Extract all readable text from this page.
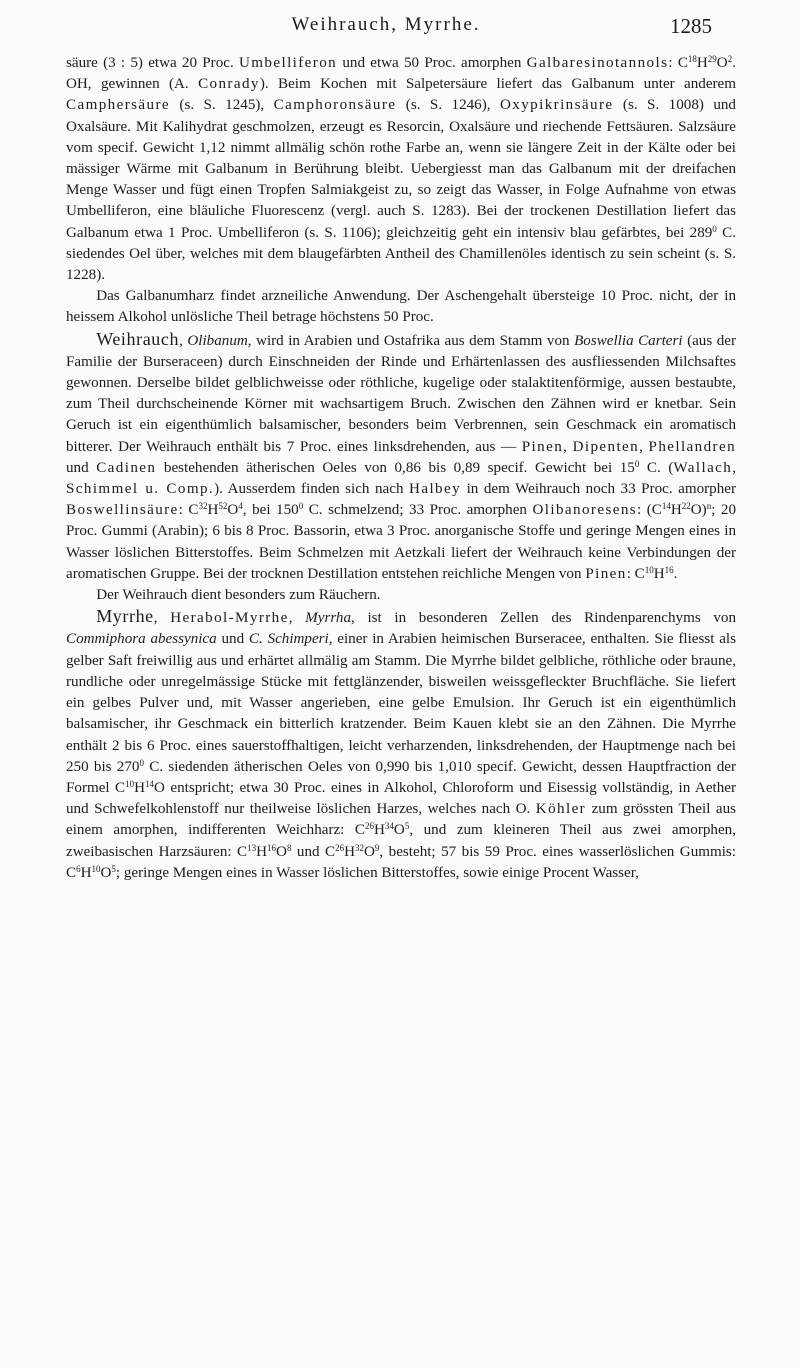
Weihrauch, Myrrhe.	1285

säure (3 : 5) etwa 20 Proc. Umbelliferon und etwa 50 Proc. amorphen Galbaresinotannols: $C^{18}H^{29}O^2$. OH, gewinnen (A. Conrady). Beim Kochen mit Salpetersäure liefert das Galbanum unter anderem Camphersäure (s. S. 1245), Camphoronsäure (s. S. 1246), Oxypikrinsäure (s. S. 1008) und Oxalsäure. Mit Kalihydrat geschmolzen, erzeugt es Resorcin, Oxalsäure und riechende Fettsäuren. Salzsäure vom specif. Gewicht 1,12 nimmt allmälig schön rothe Farbe an, wenn sie längere Zeit in der Kälte oder bei mässiger Wärme mit Galbanum in Berührung bleibt. Uebergiesst man das Galbanum mit der dreifachen Menge Wasser und fügt einen Tropfen Salmiakgeist zu, so zeigt das Wasser, in Folge Aufnahme von etwas Umbelliferon, eine bläuliche Fluorescenz (vergl. auch S. 1283). Bei der trockenen Destillation liefert das Galbanum etwa 1 Proc. Umbelliferon (s. S. 1106); gleichzeitig geht ein intensiv blau gefärbtes, bei $289^0$ C. siedendes Oel über, welches mit dem blaugefärbten Antheil des Chamillenöles identisch zu sein scheint (s. S. 1228).

Das Galbanumharz findet arzneiliche Anwendung. Der Aschengehalt übersteige 10 Proc. nicht, der in heissem Alkohol unlösliche Theil betrage höchstens 50 Proc.

Weihrauch, Olibanum, wird in Arabien und Ostafrika aus dem Stamm von Boswellia Carteri (aus der Familie der Burseraceen) durch Einschneiden der Rinde und Erhärtenlassen des ausfliessenden Milchsaftes gewonnen. Derselbe bildet gelblichweisse oder röthliche, kugelige oder stalaktitenförmige, aussen bestaubte, zum Theil durchscheinende Körner mit wachsartigem Bruch. Zwischen den Zähnen wird er knetbar. Sein Geruch ist ein eigenthümlich balsamischer, besonders beim Verbrennen, sein Geschmack ein aromatisch bitterer. Der Weihrauch enthält bis 7 Proc. eines linksdrehenden, aus — Pinen, Dipenten, Phellandren und Cadinen bestehenden ätherischen Oeles von 0,86 bis 0,89 specif. Gewicht bei $15^0$ C. (Wallach, Schimmel u. Comp.). Ausserdem finden sich nach Halbey in dem Weihrauch noch 33 Proc. amorpher Boswellinsäure: $C^{32}H^{52}O^4$, bei $150^0$ C. schmelzend; 33 Proc. amorphen Olibanoresens: $(C^{14}H^{22}O)^n$; 20 Proc. Gummi (Arabin); 6 bis 8 Proc. Bassorin, etwa 3 Proc. anorganische Stoffe und geringe Mengen eines in Wasser löslichen Bitterstoffes. Beim Schmelzen mit Aetzkali liefert der Weihrauch keine Verbindungen der aromatischen Gruppe. Bei der trocknen Destillation entstehen reichliche Mengen von Pinen: $C^{10}H^{16}$.

Der Weihrauch dient besonders zum Räuchern.

Myrrhe, Herabol-Myrrhe, Myrrha, ist in besonderen Zellen des Rindenparenchyms von Commiphora abessynica und C. Schimperi, einer in Arabien heimischen Burseracee, enthalten. Sie fliesst als gelber Saft freiwillig aus und erhärtet allmälig am Stamm. Die Myrrhe bildet gelbliche, röthliche oder braune, rundliche oder unregelmässige Stücke mit fettglänzender, bisweilen weissgefleckter Bruchfläche. Sie liefert ein gelbes Pulver und, mit Wasser angerieben, eine gelbe Emulsion. Ihr Geruch ist ein eigenthümlich balsamischer, ihr Geschmack ein bitterlich kratzender. Beim Kauen klebt sie an den Zähnen. Die Myrrhe enthält 2 bis 6 Proc. eines sauerstoffhaltigen, leicht verharzenden, linksdrehenden, der Hauptmenge nach bei 250 bis $270^0$ C. siedenden ätherischen Oeles von 0,990 bis 1,010 specif. Gewicht, dessen Hauptfraction der Formel $C^{10}H^{14}O$ entspricht; etwa 30 Proc. eines in Alkohol, Chloroform und Eisessig vollständig, in Aether und Schwefelkohlenstoff nur theilweise löslichen Harzes, welches nach O. Köhler zum grössten Theil aus einem amorphen, indifferenten Weichharz: $C^{26}H^{34}O^5$, und zum kleineren Theil aus zwei amorphen, zweibasischen Harzsäuren: $C^{13}H^{16}O^8$ und $C^{26}H^{32}O^9$, besteht; 57 bis 59 Proc. eines wasserlöslichen Gummis: $C^6H^{10}O^5$; geringe Mengen eines in Wasser löslichen Bitterstoffes, sowie einige Procent Wasser,
